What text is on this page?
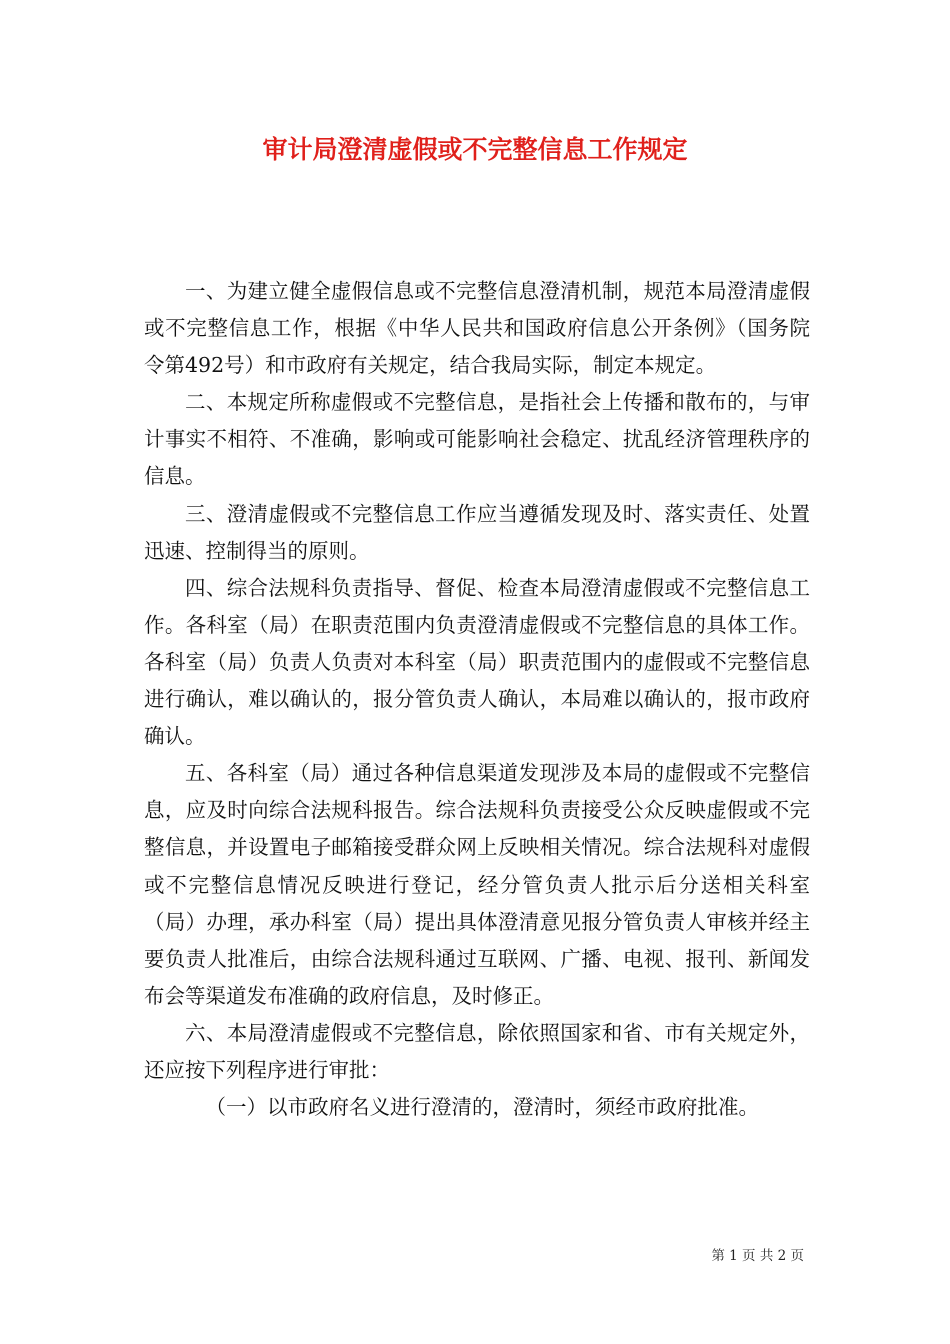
审计局澄清虚假或不完整信息工作规定

一、为建立健全虚假信息或不完整信息澄清机制，规范本局澄清虚假或不完整信息工作，根据《中华人民共和国政府信息公开条例》（国务院令第492号）和市政府有关规定，结合我局实际，制定本规定。

二、本规定所称虚假或不完整信息，是指社会上传播和散布的，与审计事实不相符、不准确，影响或可能影响社会稳定、扰乱经济管理秩序的信息。

三、澄清虚假或不完整信息工作应当遵循发现及时、落实责任、处置迅速、控制得当的原则。

四、综合法规科负责指导、督促、检查本局澄清虚假或不完整信息工作。各科室（局）在职责范围内负责澄清虚假或不完整信息的具体工作。各科室（局）负责人负责对本科室（局）职责范围内的虚假或不完整信息进行确认，难以确认的，报分管负责人确认，本局难以确认的，报市政府确认。

五、各科室（局）通过各种信息渠道发现涉及本局的虚假或不完整信息，应及时向综合法规科报告。综合法规科负责接受公众反映虚假或不完整信息，并设置电子邮箱接受群众网上反映相关情况。综合法规科对虚假或不完整信息情况反映进行登记，经分管负责人批示后分送相关科室（局）办理，承办科室（局）提出具体澄清意见报分管负责人审核并经主要负责人批准后，由综合法规科通过互联网、广播、电视、报刊、新闻发布会等渠道发布准确的政府信息，及时修正。

六、本局澄清虚假或不完整信息，除依照国家和省、市有关规定外，还应按下列程序进行审批：

（一）以市政府名义进行澄清的，澄清时，须经市政府批准。

第 1 页 共 2 页
